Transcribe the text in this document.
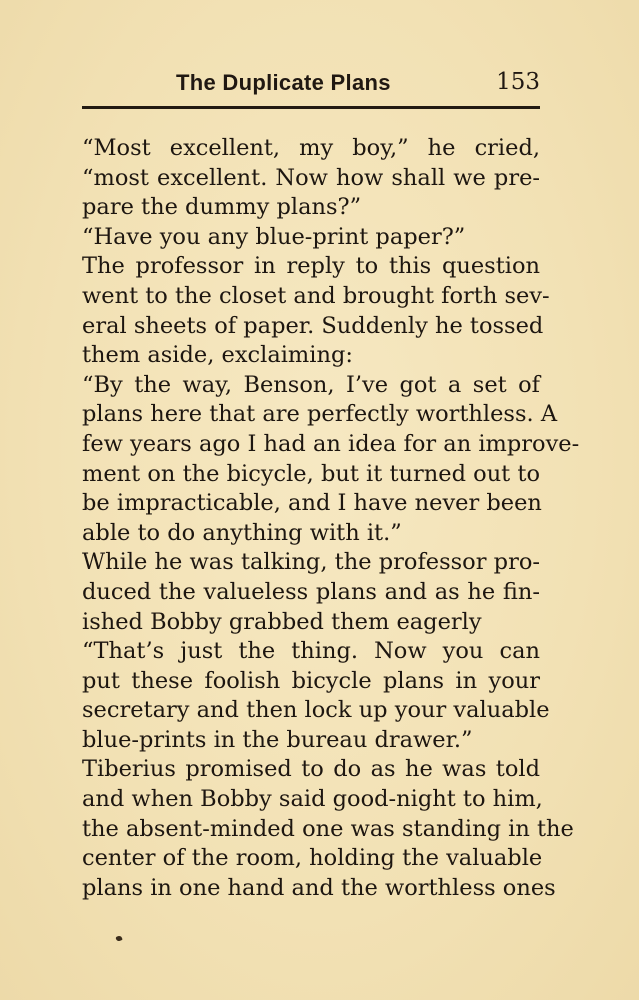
The Duplicate Plans	153
“Most excellent, my boy,” he cried,
“most excellent. Now how shall we pre-
pare the dummy plans?”
“Have you any blue-print paper?”
The professor in reply to this question
went to the closet and brought forth sev-
eral sheets of paper. Suddenly he tossed
them aside, exclaiming:
“By the way, Benson, I’ve got a set of
plans here that are perfectly worthless. A
few years ago I had an idea for an improve-
ment on the bicycle, but it turned out to
be impracticable, and I have never been
able to do anything with it.”
While he was talking, the professor pro-
duced the valueless plans and as he fin-
ished Bobby grabbed them eagerly
“That’s just the thing. Now you can
put these foolish bicycle plans in your
secretary and then lock up your valuable
blue-prints in the bureau drawer.”
Tiberius promised to do as he was told
and when Bobby said good-night to him,
the absent-minded one was standing in the
center of the room, holding the valuable
plans in one hand and the worthless ones
